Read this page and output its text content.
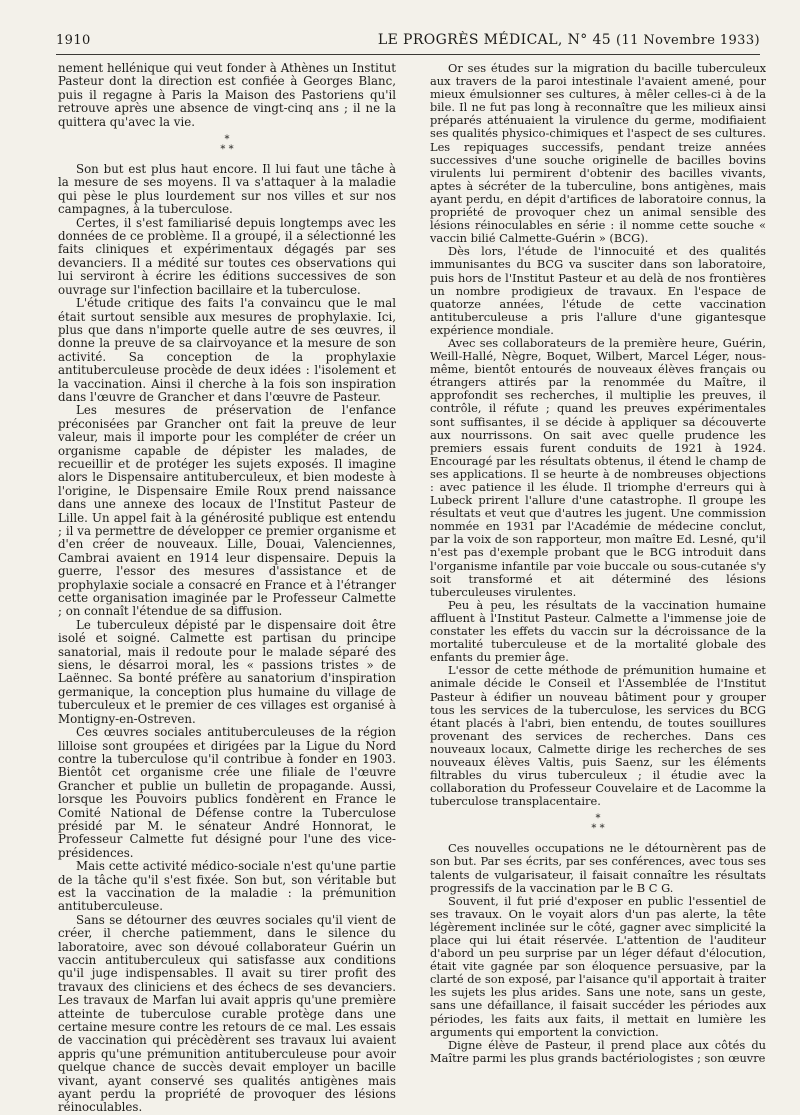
1910	LE PROGRÈS MÉDICAL, N° 45 (11 Novembre 1933)

nement hellénique qui veut fonder à Athènes un Institut Pasteur dont la direction est confiée à Georges Blanc, puis il regagne à Paris la Maison des Pastoriens qu'il retrouve après une absence de vingt-cinq ans ; il ne la quittera qu'avec la vie.

*
* *

Son but est plus haut encore. Il lui faut une tâche à la mesure de ses moyens. Il va s'attaquer à la maladie qui pèse le plus lourdement sur nos villes et sur nos campagnes, à la tuberculose.

Certes, il s'est familiarisé depuis longtemps avec les données de ce problème. Il a groupé, il a sélectionné les faits cliniques et expérimentaux dégagés par ses devanciers. Il a médité sur toutes ces observations qui lui serviront à écrire les éditions successives de son ouvrage sur l'infection bacillaire et la tuberculose.

L'étude critique des faits l'a convaincu que le mal était surtout sensible aux mesures de prophylaxie. Ici, plus que dans n'importe quelle autre de ses œuvres, il donne la preuve de sa clairvoyance et la mesure de son activité. Sa conception de la prophylaxie antituberculeuse procède de deux idées : l'isolement et la vaccination. Ainsi il cherche à la fois son inspiration dans l'œuvre de Grancher et dans l'œuvre de Pasteur.

Les mesures de préservation de l'enfance préconisées par Grancher ont fait la preuve de leur valeur, mais il importe pour les compléter de créer un organisme capable de dépister les malades, de recueillir et de protéger les sujets exposés. Il imagine alors le Dispensaire antituberculeux, et bien modeste à l'origine, le Dispensaire Emile Roux prend naissance dans une annexe des locaux de l'Institut Pasteur de Lille. Un appel fait à la générosité publique est entendu ; il va permettre de développer ce premier organisme et d'en créer de nouveaux. Lille, Douai, Valenciennes, Cambrai avaient en 1914 leur dispensaire. Depuis la guerre, l'essor des mesures d'assistance et de prophylaxie sociale a consacré en France et à l'étranger cette organisation imaginée par le Professeur Calmette ; on connaît l'étendue de sa diffusion.

Le tuberculeux dépisté par le dispensaire doit être isolé et soigné. Calmette est partisan du principe sanatorial, mais il redoute pour le malade séparé des siens, le désarroi moral, les « passions tristes » de Laënnec. Sa bonté préfère au sanatorium d'inspiration germanique, la conception plus humaine du village de tuberculeux et le premier de ces villages est organisé à Montigny-en-Ostreven.

Ces œuvres sociales antituberculeuses de la région lilloise sont groupées et dirigées par la Ligue du Nord contre la tuberculose qu'il contribue à fonder en 1903. Bientôt cet organisme crée une filiale de l'œuvre Grancher et publie un bulletin de propagande. Aussi, lorsque les Pouvoirs publics fondèrent en France le Comité National de Défense contre la Tuberculose présidé par M. le sénateur André Honnorat, le Professeur Calmette fut désigné pour l'une des vice-présidences.

Mais cette activité médico-sociale n'est qu'une partie de la tâche qu'il s'est fixée. Son but, son véritable but est la vaccination de la maladie : la prémunition antituberculeuse.

Sans se détourner des œuvres sociales qu'il vient de créer, il cherche patiemment, dans le silence du laboratoire, avec son dévoué collaborateur Guérin un vaccin antituberculeux qui satisfasse aux conditions qu'il juge indispensables. Il avait su tirer profit des travaux des cliniciens et des échecs de ses devanciers. Les travaux de Marfan lui avait appris qu'une première atteinte de tuberculose curable protège dans une certaine mesure contre les retours de ce mal. Les essais de vaccination qui précèdèrent ses travaux lui avaient appris qu'une prémunition antituberculeuse pour avoir quelque chance de succès devait employer un bacille vivant, ayant conservé ses qualités antigènes mais ayant perdu la propriété de provoquer des lésions réinoculables.

Or ses études sur la migration du bacille tuberculeux aux travers de la paroi intestinale l'avaient amené, pour mieux émulsionner ses cultures, à mêler celles-ci à de la bile. Il ne fut pas long à reconnaître que les milieux ainsi préparés atténuaient la virulence du germe, modifiaient ses qualités physico-chimiques et l'aspect de ses cultures. Les repiquages successifs, pendant treize années successives d'une souche originelle de bacilles bovins virulents lui permirent d'obtenir des bacilles vivants, aptes à sécréter de la tuberculine, bons antigènes, mais ayant perdu, en dépit d'artifices de laboratoire connus, la propriété de provoquer chez un animal sensible des lésions réinoculables en série : il nomme cette souche « vaccin bilié Calmette-Guérin » (BCG).

Dès lors, l'étude de l'innocuité et des qualités immunisantes du BCG va susciter dans son laboratoire, puis hors de l'Institut Pasteur et au delà de nos frontières un nombre prodigieux de travaux. En l'espace de quatorze années, l'étude de cette vaccination antituberculeuse a pris l'allure d'une gigantesque expérience mondiale.

Avec ses collaborateurs de la première heure, Guérin, Weill-Hallé, Nègre, Boquet, Wilbert, Marcel Léger, nous-même, bientôt entourés de nouveaux élèves français ou étrangers attirés par la renommée du Maître, il approfondit ses recherches, il multiplie les preuves, il contrôle, il réfute ; quand les preuves expérimentales sont suffisantes, il se décide à appliquer sa découverte aux nourrissons. On sait avec quelle prudence les premiers essais furent conduits de 1921 à 1924. Encouragé par les résultats obtenus, il étend le champ de ses applications. Il se heurte à de nombreuses objections : avec patience il les élude. Il triomphe d'erreurs qui à Lubeck prirent l'allure d'une catastrophe. Il groupe les résultats et veut que d'autres les jugent. Une commission nommée en 1931 par l'Académie de médecine conclut, par la voix de son rapporteur, mon maître Ed. Lesné, qu'il n'est pas d'exemple probant que le BCG introduit dans l'organisme infantile par voie buccale ou sous-cutanée s'y soit transformé et ait déterminé des lésions tuberculeuses virulentes.

Peu à peu, les résultats de la vaccination humaine affluent à l'Institut Pasteur. Calmette a l'immense joie de constater les effets du vaccin sur la décroissance de la mortalité tuberculeuse et de la mortalité globale des enfants du premier âge.

L'essor de cette méthode de prémunition humaine et animale décide le Conseil et l'Assemblée de l'Institut Pasteur à édifier un nouveau bâtiment pour y grouper tous les services de la tuberculose, les services du BCG étant placés à l'abri, bien entendu, de toutes souillures provenant des services de recherches. Dans ces nouveaux locaux, Calmette dirige les recherches de ses nouveaux élèves Valtis, puis Saenz, sur les éléments filtrables du virus tuberculeux ; il étudie avec la collaboration du Professeur Couvelaire et de Lacomme la tuberculose transplacentaire.

*
* *

Ces nouvelles occupations ne le détournèrent pas de son but. Par ses écrits, par ses conférences, avec tous ses talents de vulgarisateur, il faisait connaître les résultats progressifs de la vaccination par le B C G.

Souvent, il fut prié d'exposer en public l'essentiel de ses travaux. On le voyait alors d'un pas alerte, la tête légèrement inclinée sur le côté, gagner avec simplicité la place qui lui était réservée. L'attention de l'auditeur d'abord un peu surprise par un léger défaut d'élocution, était vite gagnée par son éloquence persuasive, par la clarté de son exposé, par l'aisance qu'il apportait à traiter les sujets les plus arides. Sans une note, sans un geste, sans une défaillance, il faisait succéder les périodes aux périodes, les faits aux faits, il mettait en lumière les arguments qui emportent la conviction.

Digne élève de Pasteur, il prend place aux côtés du Maître parmi les plus grands bactériologistes ; son œuvre
